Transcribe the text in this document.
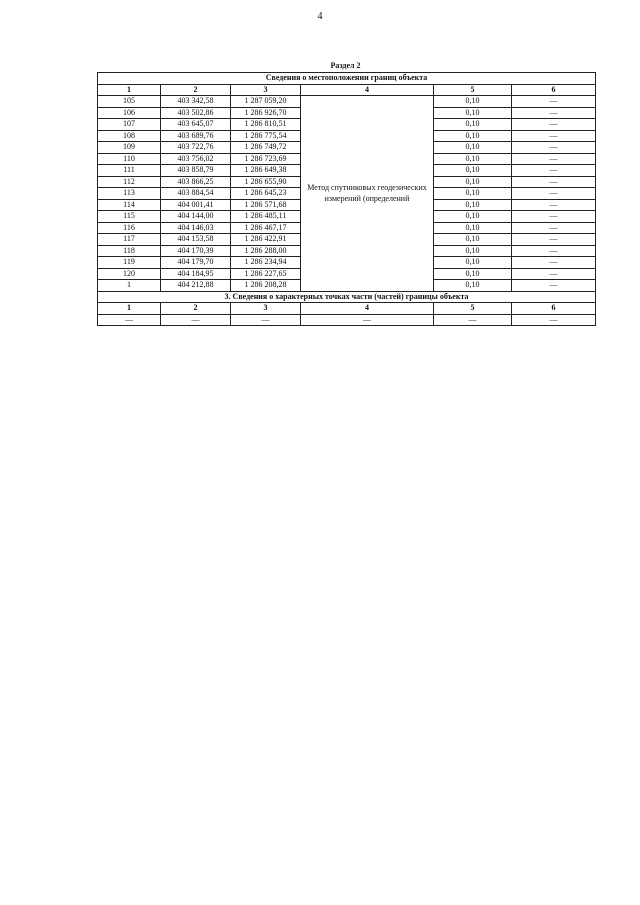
4
Раздел 2
Сведения о местоположении границ объекта					
1	2	3	4	5	6
105	403 342,58	1 287 059,20	Метод спутниковых геодезических измерений (определений	0,10	—
106	403 502,86	1 286 926,70		0,10	—
107	403 645,07	1 286 810,51		0,10	—
108	403 689,76	1 286 775,54		0,10	—
109	403 722,76	1 286 749,72		0,10	—
110	403 756,02	1 286 723,69		0,10	—
111	403 858,79	1 286 649,38		0,10	—
112	403 866,25	1 286 655,90		0,10	—
113	403 884,54	1 286 645,23		0,10	—
114	404 001,41	1 286 571,68		0,10	—
115	404 144,00	1 286 485,11		0,10	—
116	404 146,03	1 286 467,17		0,10	—
117	404 153,58	1 286 422,91		0,10	—
118	404 170,39	1 286 288,00		0,10	—
119	404 179,70	1 286 234,94		0,10	—
120	404 184,95	1 286 227,65		0,10	—
1	404 212,88	1 286 208,28		0,10	—
3. Сведения о характерных точках части (частей) границы объекта					
1	2	3	4	5	6
—	—	—	—	—	—
